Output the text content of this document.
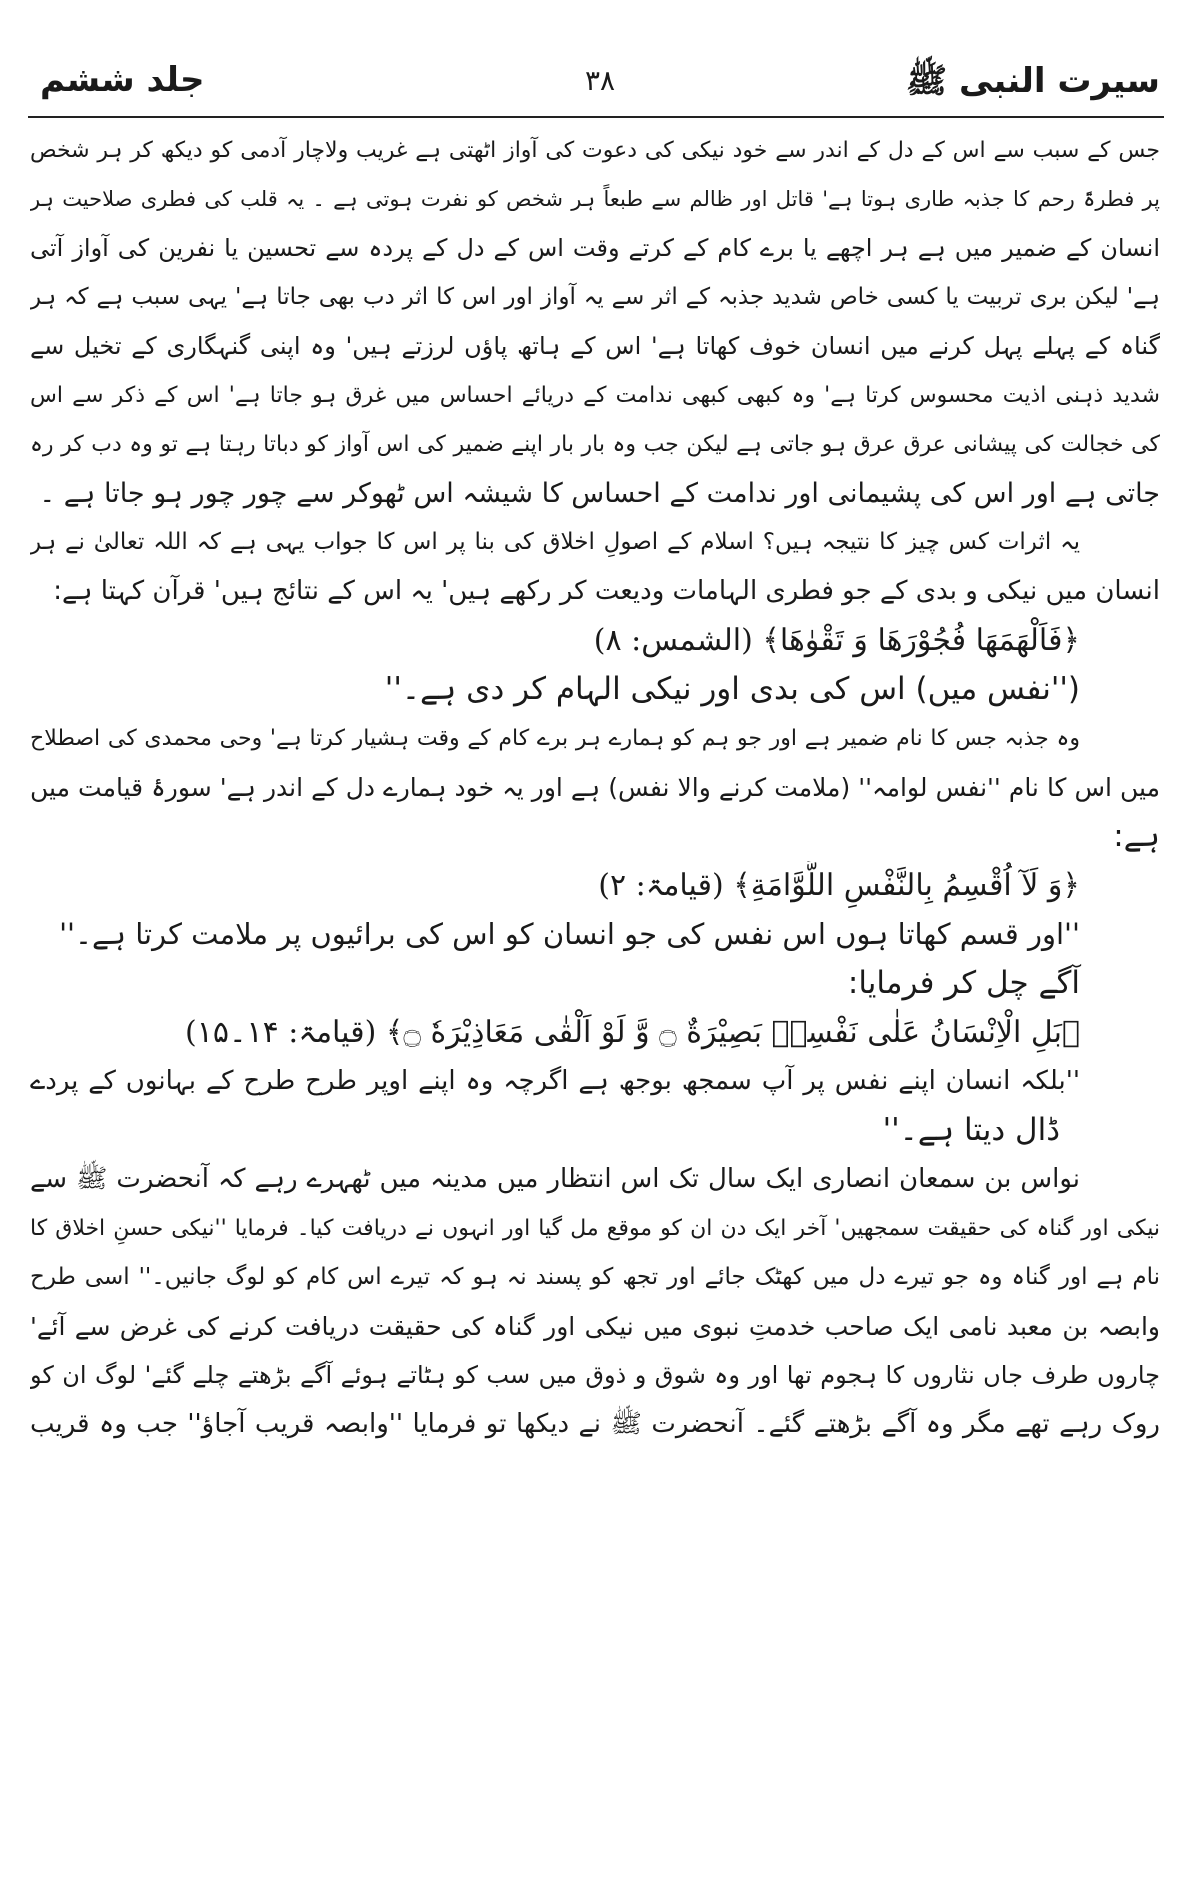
سیرت النبی ﷺ
۳۸
جلد ششم
جس کے سبب سے اس کے دل کے اندر سے خود نیکی کی دعوت کی آواز اٹھتی ہے غریب ولاچار آدمی کو دیکھ کر ہر شخص
پر فطرۃً رحم کا جذبہ طاری ہوتا ہے' قاتل اور ظالم سے طبعاً ہر شخص کو نفرت ہوتی ہے ۔ یہ قلب کی فطری صلاحیت ہر
انسان کے ضمیر میں ہے ہر اچھے یا برے کام کے کرتے وقت اس کے دل کے پردہ سے تحسین یا نفرین کی آواز آتی
ہے' لیکن بری تربیت یا کسی خاص شدید جذبہ کے اثر سے یہ آواز اور اس کا اثر دب بھی جاتا ہے' یہی سبب ہے کہ ہر
گناہ کے پہلے پہل کرنے میں انسان خوف کھاتا ہے' اس کے ہاتھ پاؤں لرزتے ہیں' وہ اپنی گنہگاری کے تخیل سے
شدید ذہنی اذیت محسوس کرتا ہے' وہ کبھی کبھی ندامت کے دریائے احساس میں غرق ہو جاتا ہے' اس کے ذکر سے اس
کی خجالت کی پیشانی عرق عرق ہو جاتی ہے لیکن جب وہ بار بار اپنے ضمیر کی اس آواز کو دباتا رہتا ہے تو وہ دب کر رہ
جاتی ہے اور اس کی پشیمانی اور ندامت کے احساس کا شیشہ اس ٹھوکر سے چور چور ہو جاتا ہے ۔
یہ اثرات کس چیز کا نتیجہ ہیں؟ اسلام کے اصولِ اخلاق کی بنا پر اس کا جواب یہی ہے کہ اللہ تعالیٰ نے ہر
انسان میں نیکی و بدی کے جو فطری الہامات ودیعت کر رکھے ہیں' یہ اس کے نتائج ہیں' قرآن کہتا ہے:
﴿فَاَلْهَمَهَا فُجُوْرَهَا وَ تَقْوٰهَا﴾ (الشمس: ۸)
(''نفس میں) اس کی بدی اور نیکی الہام کر دی ہے۔''
وہ جذبہ جس کا نام ضمیر ہے اور جو ہم کو ہمارے ہر برے کام کے وقت ہشیار کرتا ہے' وحی محمدی کی اصطلاح
میں اس کا نام ''نفس لوامہ'' (ملامت کرنے والا نفس) ہے اور یہ خود ہمارے دل کے اندر ہے' سورۂ قیامت میں
ہے:
﴿وَ لَآ اُقْسِمُ بِالنَّفْسِ اللَّوَّامَةِ﴾ (قیامۃ: ۲)
''اور قسم کھاتا ہوں اس نفس کی جو انسان کو اس کی برائیوں پر ملامت کرتا ہے۔''
آگے چل کر فرمایا:
﴿بَلِ الْاِنْسَانُ عَلٰى نَفْسِهٖ بَصِيْرَةٌ ۝ وَّ لَوْ اَلْقٰى مَعَاذِيْرَهٗ ۝﴾ (قیامۃ: ۱۴۔۱۵)
''بلکہ انسان اپنے نفس پر آپ سمجھ بوجھ ہے اگرچہ وہ اپنے اوپر طرح طرح کے بہانوں کے پردے
ڈال دیتا ہے۔''
نواس بن سمعان انصاری ایک سال تک اس انتظار میں مدینہ میں ٹھہرے رہے کہ آنحضرت ﷺ سے
نیکی اور گناہ کی حقیقت سمجھیں' آخر ایک دن ان کو موقع مل گیا اور انہوں نے دریافت کیا۔ فرمایا ''نیکی حسنِ اخلاق کا
نام ہے اور گناہ وہ جو تیرے دل میں کھٹک جائے اور تجھ کو پسند نہ ہو کہ تیرے اس کام کو لوگ جانیں۔'' اسی طرح
وابصہ بن معبد نامی ایک صاحب خدمتِ نبوی میں نیکی اور گناہ کی حقیقت دریافت کرنے کی غرض سے آئے'
چاروں طرف جاں نثاروں کا ہجوم تھا اور وہ شوق و ذوق میں سب کو ہٹاتے ہوئے آگے بڑھتے چلے گئے' لوگ ان کو
روک رہے تھے مگر وہ آگے بڑھتے گئے۔ آنحضرت ﷺ نے دیکھا تو فرمایا ''وابصہ قریب آجاؤ'' جب وہ قریب
